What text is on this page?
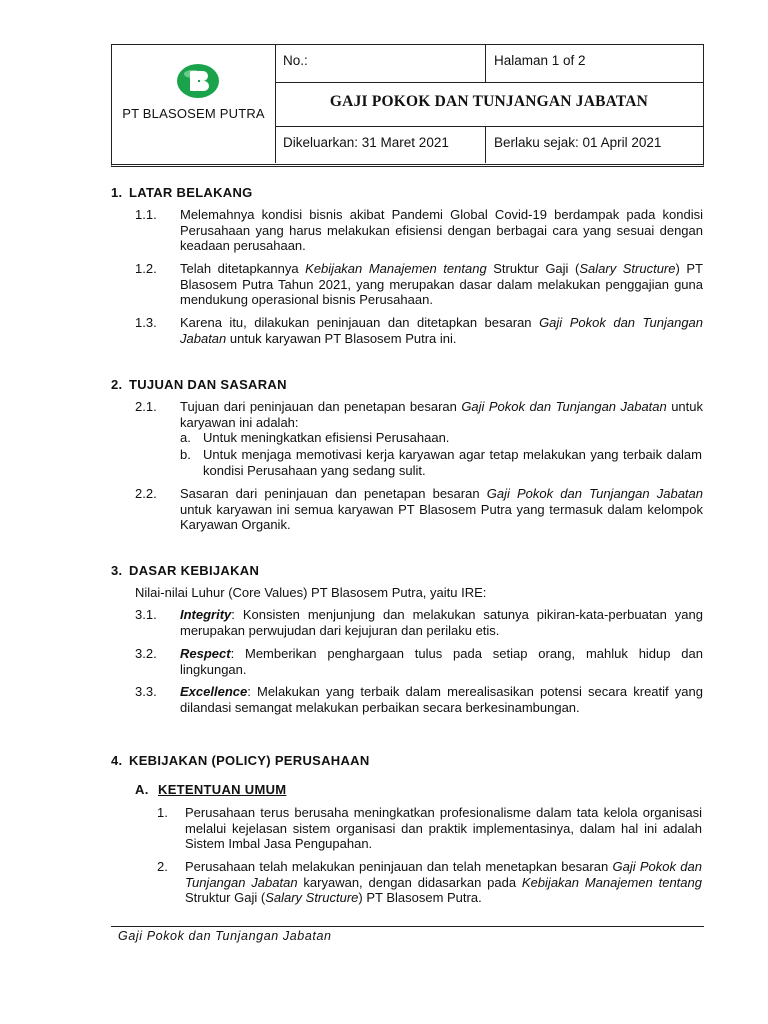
PT BLASOSEM PUTRA
No.:	Halaman 1 of 2
GAJI POKOK DAN TUNJANGAN JABATAN
Dikeluarkan: 31 Maret 2021	Berlaku sejak: 01 April 2021
1. LATAR BELAKANG
1.1. Melemahnya kondisi bisnis akibat Pandemi Global Covid-19 berdampak pada kondisi Perusahaan yang harus melakukan efisiensi dengan berbagai cara yang sesuai dengan keadaan perusahaan.
1.2. Telah ditetapkannya Kebijakan Manajemen tentang Struktur Gaji (Salary Structure) PT Blasosem Putra Tahun 2021, yang merupakan dasar dalam melakukan penggajian guna mendukung operasional bisnis Perusahaan.
1.3. Karena itu, dilakukan peninjauan dan ditetapkan besaran Gaji Pokok dan Tunjangan Jabatan untuk karyawan PT Blasosem Putra ini.
2. TUJUAN DAN SASARAN
2.1. Tujuan dari peninjauan dan penetapan besaran Gaji Pokok dan Tunjangan Jabatan untuk karyawan ini adalah:
a. Untuk meningkatkan efisiensi Perusahaan.
b. Untuk menjaga memotivasi kerja karyawan agar tetap melakukan yang terbaik dalam kondisi Perusahaan yang sedang sulit.
2.2. Sasaran dari peninjauan dan penetapan besaran Gaji Pokok dan Tunjangan Jabatan untuk karyawan ini semua karyawan PT Blasosem Putra yang termasuk dalam kelompok Karyawan Organik.
3. DASAR KEBIJAKAN
Nilai-nilai Luhur (Core Values) PT Blasosem Putra, yaitu IRE:
3.1. Integrity: Konsisten menjunjung dan melakukan satunya pikiran-kata-perbuatan yang merupakan perwujudan dari kejujuran dan perilaku etis.
3.2. Respect: Memberikan penghargaan tulus pada setiap orang, mahluk hidup dan lingkungan.
3.3. Excellence: Melakukan yang terbaik dalam merealisasikan potensi secara kreatif yang dilandasi semangat melakukan perbaikan secara berkesinambungan.
4. KEBIJAKAN (POLICY) PERUSAHAAN
A. KETENTUAN UMUM
1. Perusahaan terus berusaha meningkatkan profesionalisme dalam tata kelola organisasi melalui kejelasan sistem organisasi dan praktik implementasinya, dalam hal ini adalah Sistem Imbal Jasa Pengupahan.
2. Perusahaan telah melakukan peninjauan dan telah menetapkan besaran Gaji Pokok dan Tunjangan Jabatan karyawan, dengan didasarkan pada Kebijakan Manajemen tentang Struktur Gaji (Salary Structure) PT Blasosem Putra.
Gaji Pokok dan Tunjangan Jabatan
